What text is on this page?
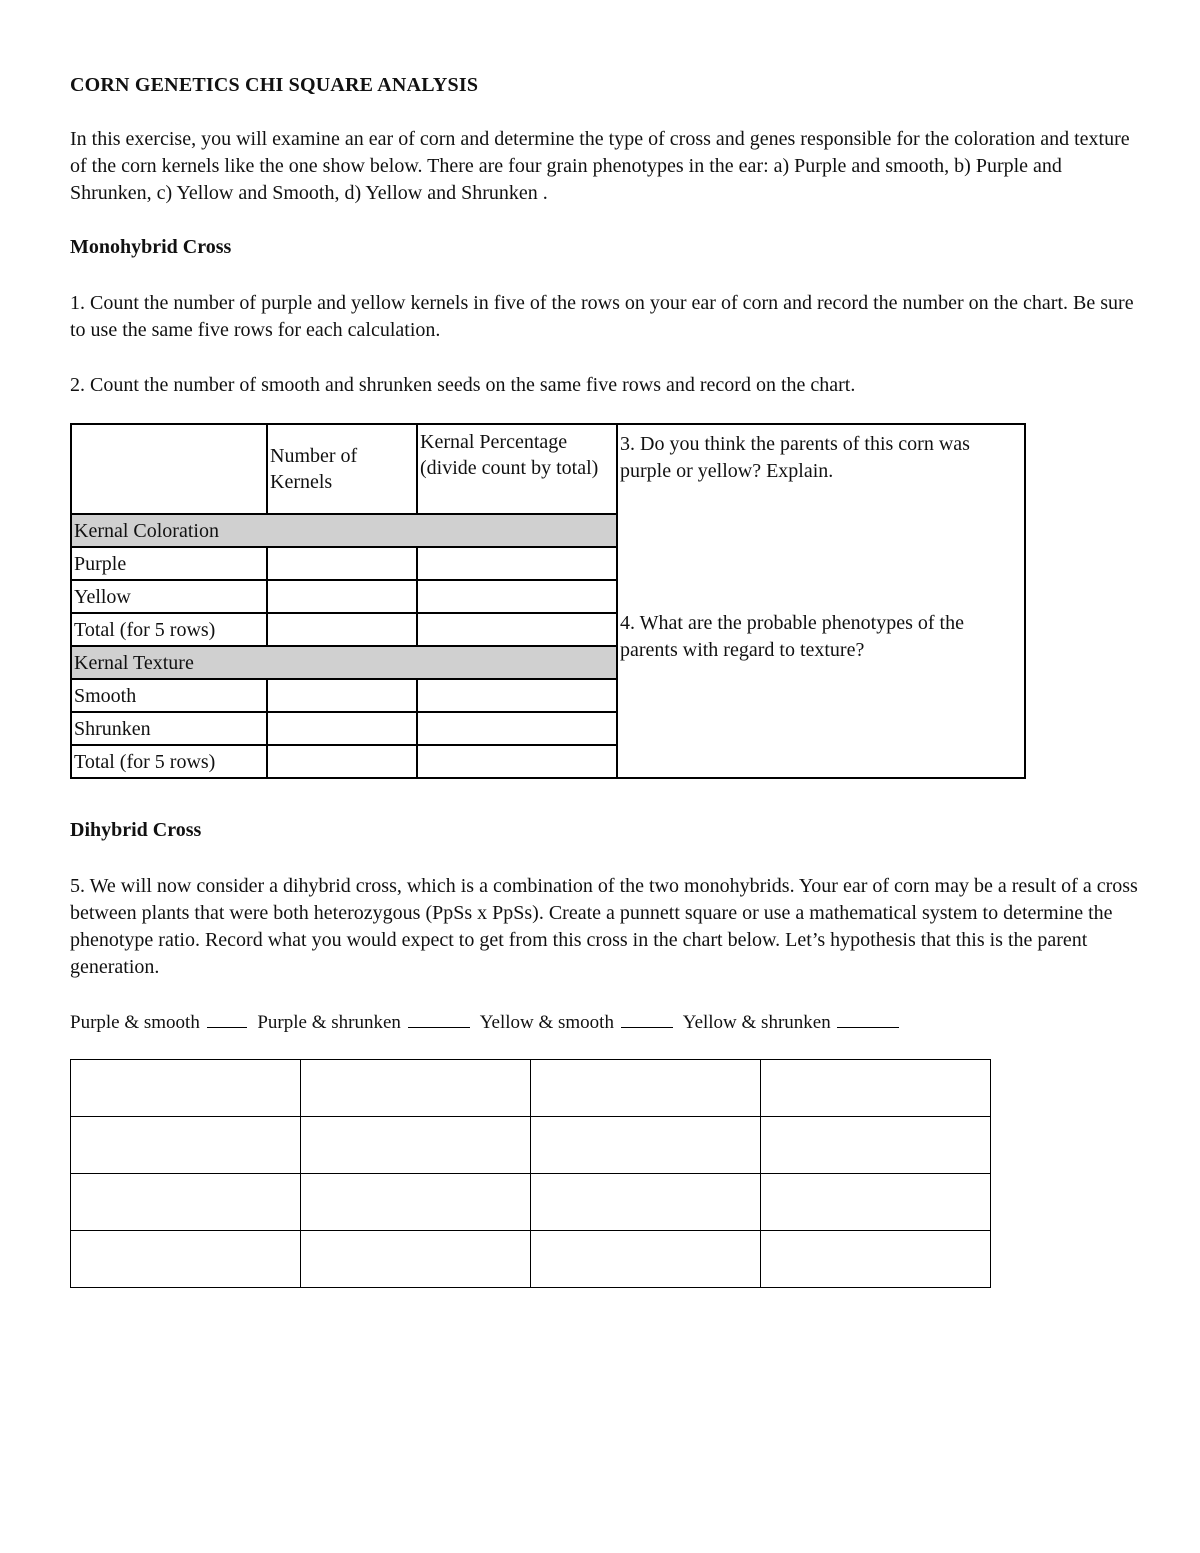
CORN GENETICS CHI SQUARE ANALYSIS

In this exercise, you will examine an ear of corn and determine the type of cross and genes responsible for the coloration and texture of the corn kernels like the one show below. There are four grain phenotypes in the ear: a) Purple and smooth, b) Purple and Shrunken, c) Yellow and Smooth, d) Yellow and Shrunken .

Monohybrid Cross

1. Count the number of purple and yellow kernels in five of the rows on your ear of corn and record the number on the chart. Be sure to use the same five rows for each calculation.

2. Count the number of smooth and shrunken seeds on the same five rows and record on the chart.

	Number of Kernels	Kernal Percentage (divide count by total)	3. Do you think the parents of this corn was purple or yellow? Explain.
Kernal Coloration			
Purple			
Yellow			
Total (for 5 rows)			
Kernal Texture			4. What are the probable phenotypes of the parents with regard to texture?

Smooth			
Shrunken			
Total (for 5 rows)			

Dihybrid Cross

5. We will now consider a dihybrid cross, which is a combination of the two monohybrids. Your ear of corn may be a result of a cross between plants that were both heterozygous (PpSs x PpSs). Create a punnett square or use a mathematical system to determine the phenotype ratio. Record what you would expect to get from this cross in the chart below. Let’s hypothesis that this is the parent generation.

Purple & smooth	Purple & shrunken	Yellow & smooth	Yellow & shrunken
